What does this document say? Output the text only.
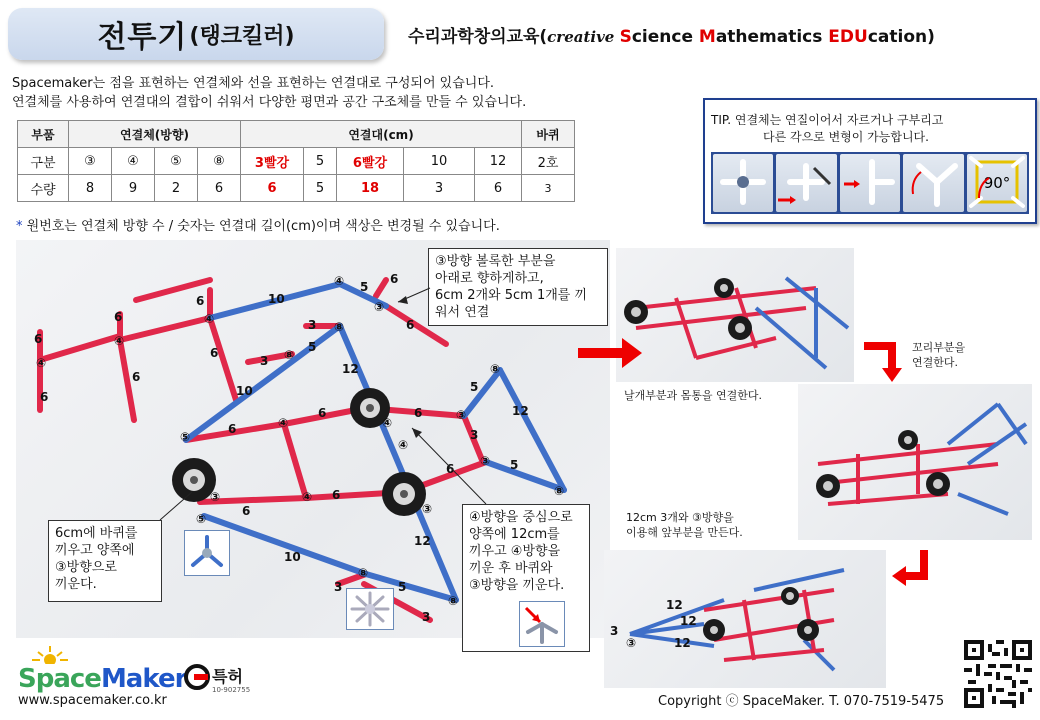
전투기 (탱크킬러)	수리과학창의교육(creative Science Mathematics EDUcation)
Spacemaker는 점을 표현하는 연결체와 선을 표현하는 연결대로 구성되어 있습니다.
연결체를 사용하여 연결대의 결합이 쉬워서 다양한 평면과 공간 구조체를 만들 수 있습니다.
부품	연결체(방향)				연결대(cm)					바퀴
구분	③	④	⑤	⑧	3빨강	5	6빨강	10	12	2호
수량	8	9	2	6	6	5	18	3	6	3
* 원번호는 연결체 방향 수 / 숫자는 연결대 길이(cm)이며 색상은 변경될 수 있습니다.
TIP. 연결체는 연질이어서 자르거나 구부리고
다른 각으로 변형이 가능합니다.
90°
6
④
6
6
④
6
6
④
6
10
10
3 ⑧
3 ⑧
5
④ 5
6
③
6
12
⑤
6	④
6
④
6
④
③
3
5
⑧
12
6
③ 5
⑧
③
⑤
6
④ 6
③
12
10
3
⑧
5
⑧
3
③방향 볼록한 부분을
아래로 향하게하고,
6cm 2개와 5cm 1개를 끼
워서 연결
6cm에 바퀴를
끼우고 양쪽에
③방향으로
끼운다.
④방향을 중심으로
양쪽에 12cm를
끼우고 ④방향을
끼운 후 바퀴와
③방향을 끼운다.
날개부분과 몸통을 연결한다.
꼬리부분을
연결한다.
12cm 3개와 ③방향을
이용해 앞부분을 만든다.
12
12
12
3
③
SpaceMaker
www.spacemaker.co.kr
특허
10-902755
Copyright ⓒ SpaceMaker. T. 070-7519-5475
